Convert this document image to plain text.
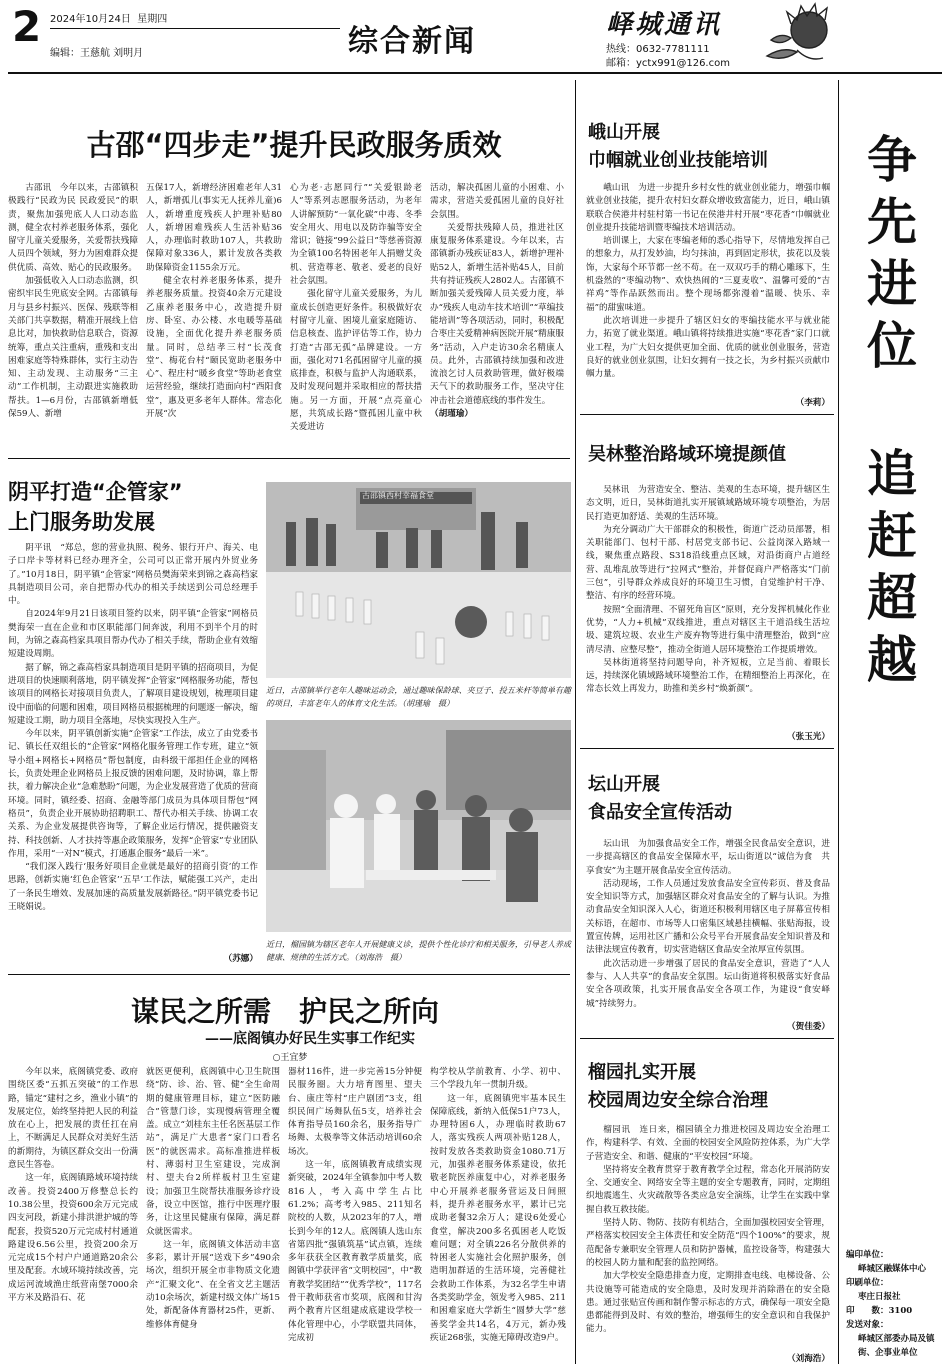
2 2024年10月24日 星期四
编辑：王慈航 刘明月	综合新闻	峄城通讯
热线：0632-7781111
邮箱：yctx991@126.com
古邵“四步走”提升民政服务质效

古邵讯　今年以来，古邵镇积极践行“民政为民 民政爱民”的职责，聚焦加强兜底人人口动态监测，健全农村养老服务体系，强化留守儿童关爱服务，关爱帮扶残障人员四个领域，努力为困难群众提供优质、高效、贴心的民政服务。

加强低收入人口动态监测，织密织牢民生兜底安全网。古邵镇每月与县乡村振兴、医保、残联等相关部门共享数据，精准开展线上信息比对，加快救助信息联合，资源统筹，重点关注重病，重残和支出困难家庭等特殊群体，实行主动告知、主动发现、主动服务“三主动”工作机制，主动跟进实施救助帮扶。1—6月份，古邵镇新增低保59人、新增

五保17人，新增经济困难老年人31人，新增孤儿(事实无人抚养儿童)6人，新增重度残疾人护理补贴80人，新增困难残疾人生活补贴36人，办理临时救助107人，共救助保障对象336人，累计发放各类救助保障资金1155余万元。

健全农村养老服务体系，提升养老服务质量。投资40余万元建设乙康养老服务中心，改造提升厨房、卧室、办公楼、水电暖等基础设施，全面优化提升养老服务质量。同时，总结孝三村“长茂食堂”、梅花台村“颐民宽助老服务中心”、程庄村“暖乡食堂”等助老食堂运营经验，继续打造面向村“西阳食堂”，惠及更多老年人群体。常态化开展“次

心为老·志愿同行”“关爱银龄老人”等系列志愿服务活动，为老年人讲解预防“一氧化碳”中毒、冬季安全用火、用电以及防诈骗等安全常识；链接“99公益日”等慈善资源为全镇100名特困老年人捐赠艾灸机、营造尊老、敬老、爱老的良好社会氛围。

强化留守儿童关爱服务，为儿童成长创造更好条件。积极做好农村留守儿童、困境儿童家庭随访、信息核查、监护评估等工作，协力打造“古邵无孤”品牌建设。一方面，强化对71名孤困留守儿童的摸底排查，积极与监护人沟通联系，及时发现问题并采取相应的帮扶措施。另一方面，开展“点亮童心愿，共筑成长路”暨孤困儿童中秋关爱进访

活动，解决孤困儿童的小困难、小需求，营造关爱孤困儿童的良好社会氛围。

关爱帮扶残障人员，推进社区康复服务体系建设。今年以来，古邵镇新办残疾证83人，新增护理补贴52人，新增生活补贴45人，目前共有持证残疾人2802人。古邵镇不断加强关爱残障人员关爱力度，举办“残疾人电动车技术培训”“草编技能培训”等各项活动，同时，积极配合枣庄关爱精神病医院开展“精康服务”活动，入户走访30余名精康人员。此外，古邵镇持续加强和改进流浪乞讨人员救助管理，做好极端天气下的救助服务工作，坚决守住冲击社会道德底线的事件发生。

（胡瑾瑜）
阴平打造“企管家”
上门服务助发展

阴平讯　“郑总，您的营业执照、税务、银行开户、海关、电子口岸卡等材料已经办理齐全，公司可以正常开展内外贸业务了。”10月18日，阴平镇“企管家”网格员樊海荣来到锦之森高档家具制造项目公司，亲自把帮办代办的相关手续送到公司总经理手中。

自2024年9月21日该项目签约以来，阴平镇“企管家”网格员樊海荣一直在企业和市区职能部门间奔波，利用不到半个月的时间，为锦之森高档家具项目帮办代办了相关手续，帮助企业有效缩短建设周期。

据了解，锦之森高档家具制造项目是阴平镇的招商项目，为促进项目的快速顺利落地，阴平镇发挥“企管家”网格服务功能，帮包该项目的网格长对接项目负责人，了解项目建设规划，梳理项目建设中面临的问题和困难，项目网格员根据梳理的问题逐一解决，缩短建设工期，助力项目全落地，尽快实现投入生产。

今年以来，阴平镇创新实施“企管家”工作法，成立了由党委书记、镇长任双组长的“企管家”网格化服务管理工作专班，建立“领导小组+网格长+网格员”帮包制度，由科级干部担任企业的网格长，负责处理企业网格员上报反馈的困难问题，及时协调，靠上帮扶，着力解决企业“急难愁盼”问题，为企业发展营造了优质的营商环境。同时，镇经委、招商、金融等部门成员为具体项目帮包“网格员”，负责企业开展协助招聘职工、帮代办相关手续、协调工农关系、为企业发展提供咨询等，了解企业运行情况，提供融资支持、科技创新、人才扶持等惠企政策服务，发挥“企管家”专业团队作用，采用“一对N”模式，打通惠企服务“最后一米”。

“我们深入践行‘服务好项目企业就是最好的招商引资’的工作思路，创新实施‘红色企管家’‘五早’工作法，赋能强工兴产，走出了一条民生增效、发展加速的高质量发展新路径。”阴平镇党委书记王晓娟说。

（苏娜）
古邵镇西村幸福食堂
近日，古邵镇举行老年人趣味运动会，通过趣味保龄球、夹豆子、投五米杆等简单有趣的项目，丰富老年人的体育文化生活。（胡瑾瑜　摄）
近日，榴园镇为辖区老年人开展健康义诊，提供个性化诊疗和相关服务，引导老人养成健康、规律的生活方式。（刘海浩　摄）
谋民之所需　护民之所向
——底阁镇办好民生实事工作纪实
○王宜梦

今年以来，底阁镇党委、政府围绕区委“五抓五突破”的工作思路，锚定“建村之乡，渔业小镇”的发展定位，始终坚持把人民的利益放在心上，把发展的责任扛在肩上，不断满足人民群众对美好生活的新期待，为镇区群众交出一份满意民生答卷。

这一年，底阁镇路域环境持续改善。投资2400万修整总长约10.38公里，投资600余万元完成四支河段，新建小排洪泄护城的等配套，投资520万元完成村村通道路建设6.56公里，投资200余万元完成15个村户户通道路20余公里及配套。水域环境持续改善，完成运河流域渔庄纸营南堡7000余平方米及路沿石、花

就医更便利，底阁镇中心卫生院围绕“防、诊、治、管、健”全生命周期的健康管理目标，建立“医防融合”管慧门诊，实现慢病管理全覆盖。成立“刘桂东主任名医基层工作站”，满足广大患者“家门口看名医”的就医需求。高标准推进样板村、薄弱村卫生室建设，完成涧村、望夫台2所样板村卫生室建设；加强卫生院帮扶准服务诊疗设备，设立中医馆，推行中医理疗服务，让这里民健康有保障，满足群众就医需求。

这一年，底阁镇文体活动丰富多彩，累计开展“送戏下乡”490余场次，组织开展全市非物质文化遗产“汇聚文化”、在全省文艺主题活动10余场次，新建村级文体广场15处，新配备体育器材25件，更新、维修体育健身

器材116件，进一步完善15分钟便民服务圈。大力培育图里、望夫台、康庄等村“庄户剧团”3支，组织民间广场舞队伍5支，培养社会体育指导员160余名，服务指导广场舞、太极拳等文体活动培训60余场次。

这一年，底阁镇教育成绩实现新突破，2024年全镇参加中考人数816人，考入高中学生占比61.2%；高考考入985、211知名院校的人数，从2023年的7人，增长到今年的12人。底阁镇人选山东省第四批“强镇筑基”试点镇，连续多年获获全区教育教学质量奖，底阁镇中学获评省“文明校园”，中“教育教学奖团结”“优秀学校”，117名骨干教师获省市奖项，底阁和甘沟两个教育片区组建成底建设学校一体化管理中心，小学联盟共同体，完成初

构学校从学前教育、小学、初中、三个学段九年一贯制升级。

这一年，底阁镇兜牢基本民生保障底线，新纳入低保51户73人，办理特困6人，办理临时救助67人，落实残疾人两项补贴128人，按时发放各类救助资金1080.71万元，加强养老服务体系建设，依托敬老院医养康复中心，对养老服务中心开展养老服务营运及日间照料，提升养老服务水平，累计已完成助老餐32余万人；建设6处爱心食堂，解决200多名孤困老人吃饭难问题；对全镇226名分散供养的特困老人实施社会化照护服务，创造明加群适的生活环境，完善健社会救助工作体系，为32名学生申请各类奖助学金，领发考入985、211和困难家庭大学新生“圆梦大学”慈善奖学金共14名，4万元，新办残疾证268张，实施无障碍改造9户。

峨山开展
巾帼就业创业技能培训

峨山讯　为进一步提升乡村女性的就业创业能力，增强巾帼就业创业技能，提升农村妇女群众增收致富能力，近日，峨山镇联联合侯港井村驻村第一书记在侯港井村开展“枣花香”巾帼就业创业提升技能培训暨枣编技术培训活动。

培训课上，大家在枣编老师的悉心指导下，尽情地发挥自己的想象力，从打发妙油，均匀抹油，再到固定形状，拔花以及装饰，大家每个环节都一丝不苟。在一双双巧手的精心雕琢下，生机盎然的“枣编动物”、欢快热闹的“三夏麦收”、温馨可爱的“吉祥鸡”等作品跃然而出。整个现场都弥漫着“温暖、快乐、幸福”的甜蜜味道。

此次培训进一步提升了辖区妇女的枣编技能水平与就业能力，拓宽了就业渠道。峨山镇将持续推进实施“枣花香”家门口就业工程，为广大妇女提供更加全面、优质的就业创业服务，营造良好的就业创业氛围，让妇女拥有一技之长，为乡村振兴贡献巾帼力量。

（李莉）
吴林整治路域环境提颜值

吴林讯　为营造安全、整洁、美观的生态环境，提升辖区生态文明，近日，吴林街道扎实开展镇域路域环境专项整治，为居民打造更加舒适、美观的生活环境。

为充分调动广大干部群众的积极性，街道广泛动员部署，相关职能部门、包村干部、村居党支部书记、公益岗深入路域一线，聚焦重点路段、S318沿线重点区域，对沿街商户占道经营、乱堆乱放等进行“拉网式”整治，并督促商户严格落实“门前三包”，引导群众养成良好的环境卫生习惯，自觉维护村干净、整洁、有序的经营环境。

按照“全面清理、不留死角盲区”原则，充分发挥机械化作业优势，“人力+机械”双线推进，重点对辖区主干道沿线生活垃圾、建筑垃圾、农业生产废弃物等进行集中清理整治，做到“应清尽清、应整尽整”，推动全街道人居环境整治工作提质增效。

吴林街道将坚持问题导向，补齐短板，立足当前、着眼长远，持续深化镇域路域环境整治工作，在精细整治上再深化，在常态长效上再发力，助推和美乡村“焕新颜”。

（张玉光）
坛山开展
食品安全宣传活动

坛山讯　为加强食品安全工作，增强全民食品安全意识，进一步提高辖区的食品安全保障水平，坛山街道以“诚信为食　共享食安”为主题开展食品安全宣传活动。

活动现场，工作人员通过发放食品安全宣传彩页、普及食品安全知识等方式，加强辖区群众对食品安全的了解与认识。为推动食品安全知识深入人心，街道还积极利用辖区电子屏幕宣传相关标语，在超市、市场等人口密集区域悬挂横幅、张贴海报，设置宣传牌，运用社区广播和公众号平台开展食品安全知识普及和法律法规宣传教育，切实营造辖区食品安全浓厚宣传氛围。

此次活动进一步增强了居民的食品安全意识，营造了“人人参与、人人共享”的食品安全氛围。坛山街道将积极落实好食品安全各项政策，扎实开展食品安全各项工作，为建设“食安峄城”持续努力。

（贺佳委）
榴园扎实开展
校园周边安全综合治理

榴园讯　连日来，榴园镇全力推进校园及周边安全治理工作，构建科学、有效、全面的校园安全风险防控体系，为广大学子营造安全、和谐、健康的“平安校园”环境。

坚持将安全教育贯穿于教育教学全过程，常态化开展消防安全、交通安全、网络安全等主题的安全专题教育，同时，定期组织地震逃生、火灾疏散等各类应急安全演练，让学生在实践中掌握自救互救技能。

坚持人防、物防、技防有机结合，全面加强校园安全管理，严格落实校园安全主体责任和安全防范“四个100%”的要求，规范配备专兼职安全管理人员和防护器械，监控设备等，构建强大的校园人防力量和配套的监控网络。

加大学校安全隐患排查力度，定期排查电线、电梯设备、公共设施等可能造成的安全隐患，及时发现并消除潜在的安全隐患。通过张贴宣传画和制作警示标志的方式，确保每一项安全隐患都能得到及时、有效的整治，增强师生的安全意识和自我保护能力。

（刘海浩）
争
先
进
位
追
赶
超
越
编印单位：
峄城区融媒体中心
印刷单位：
枣庄日报社
印　　数：3100
发送对象：
峄城区部委办局及镇街、企事业单位
